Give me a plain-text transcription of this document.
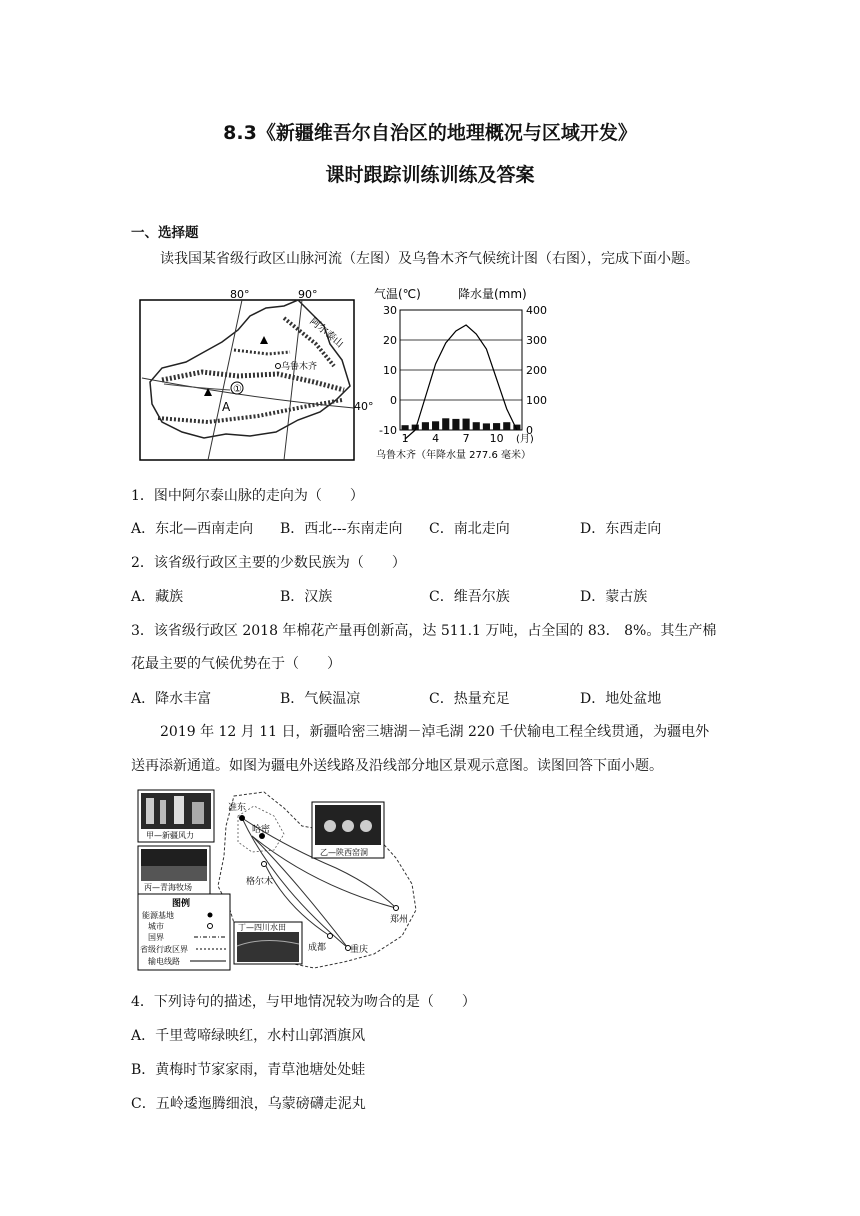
8.3《新疆维吾尔自治区的地理概况与区域开发》
课时跟踪训练训练及答案
一、选择题
读我国某省级行政区山脉河流（左图）及乌鲁木齐气候统计图（右图），完成下面小题。
①
A
乌鲁木齐
80°	90°
40°
阿尔泰山
气温(℃)	降水量(mm)
30
20
10
0
-10
400
300
200
100
0
1 4 7 10 (月)
乌鲁木齐（年降水量 277.6 毫米）
1．图中阿尔泰山脉的走向为（　　）
A．东北—西南走向 B．西北---东南走向 C．南北走向	D．东西走向
2．该省级行政区主要的少数民族为（　　）
A．藏族	B．汉族	C．维吾尔族	D．蒙古族
3．该省级行政区 2018 年棉花产量再创新高，达 511.1 万吨，占全国的 83． 8%。其生产棉
花最主要的气候优势在于（　　）
A．降水丰富	B．气候温凉	C．热量充足	D．地处盆地
2019 年 12 月 11 日，新疆哈密三塘湖－淖毛湖 220 千伏输电工程全线贯通，为疆电外
送再添新通道。如图为疆电外送线路及沿线部分地区景观示意图。读图回答下面小题。
准东
哈密
格尔木
郑州
成都	重庆
甲—新疆风力
丙—青海牧场
乙—陕西窑洞
丁—四川水田
图例
能源基地
城市
国界
省级行政区界
输电线路
4．下列诗句的描述，与甲地情况较为吻合的是（　　）
A．千里莺啼绿映红，水村山郭酒旗风
B．黄梅时节家家雨，青草池塘处处蛙
C．五岭逶迤腾细浪，乌蒙磅礴走泥丸
